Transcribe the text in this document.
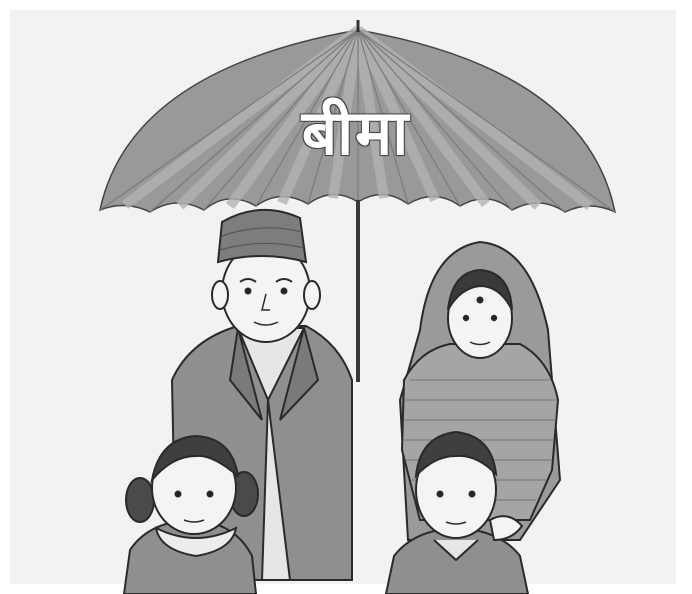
बीमा
